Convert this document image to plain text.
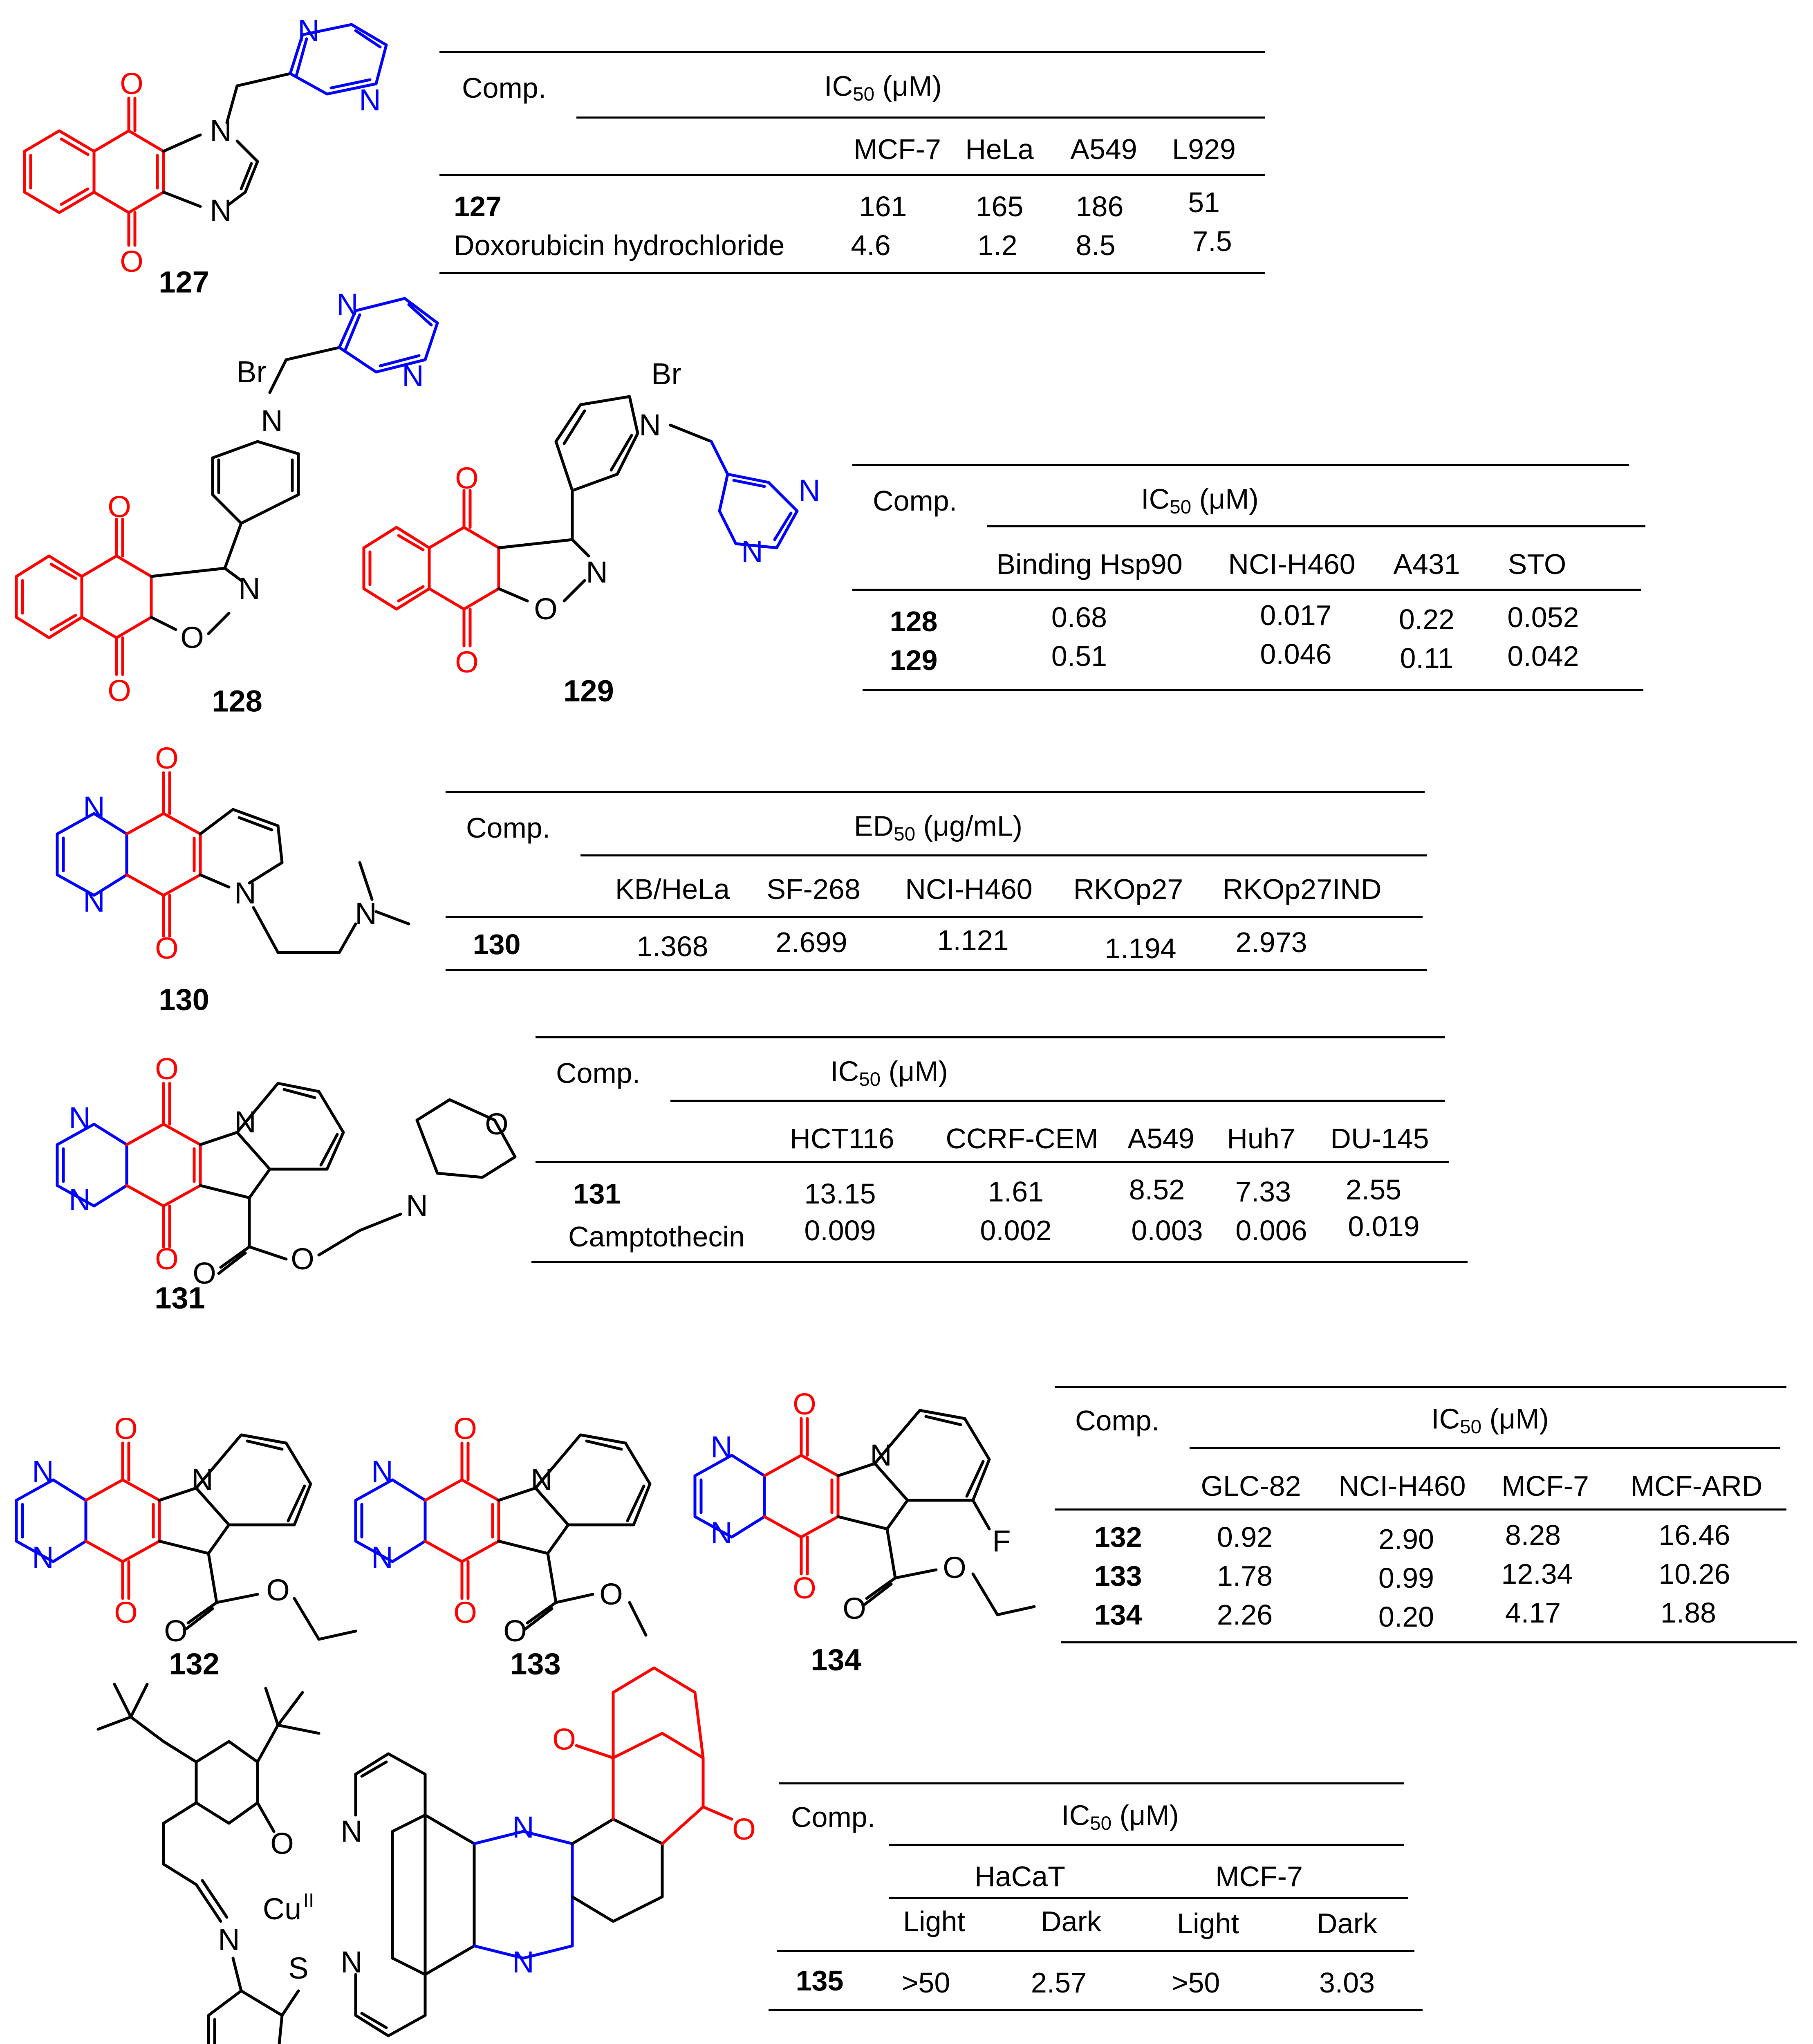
O
O
N
N
N
N
O
O
N
O
N
Br
N
N
O
O
N
O
N
Br
N
N
O
O
N
N	N
N
O
O
N
N
N
O O
N
O
O
O
N
N
N
O
O
O
O
N
N
N
O
O
O
O
N
N
N
F
O
O
O
N
Cu II
S
N
N
N
N
O
O
127
128	129
130
131
132	133	134
Comp.	$IC_{50}$ (μM)
MCF-7 HeLa A549 L929
127	161 165 186 51
Doxorubicin hydrochloride 4.6	1.2 8.5	7.5
Comp.	$IC_{50}$ (μM)
Binding Hsp90 NCI-H460 A431 STO
128	0.68	0.017 0.22 0.052
129	0.51	0.046 0.11 0.042
Comp.	$ED_{50}$ (μg/mL)
KB/HeLa SF-268 NCI-H460 RKOp27 RKOp27IND
130	1.368 2.699	1.121	1.194 2.973
Comp.	$IC_{50}$ (μM)
HCT116 CCRF-CEM A549 Huh7 DU-145
131	13.15	1.61	8.52 7.33 2.55
Camptothecin 0.009	0.002	0.003 0.006 0.019
Comp.	$IC_{50}$ (μM)
GLC-82 NCI-H460 MCF-7 MCF-ARD
132	0.92	2.90 8.28	16.46
133	1.78	0.99 12.34	10.26
134	2.26	0.20 4.17	1.88
Comp.	$IC_{50}$ (μM)
HaCaT	MCF-7
Light	Dark	Light	Dark
135 >50	2.57	>50	3.03
